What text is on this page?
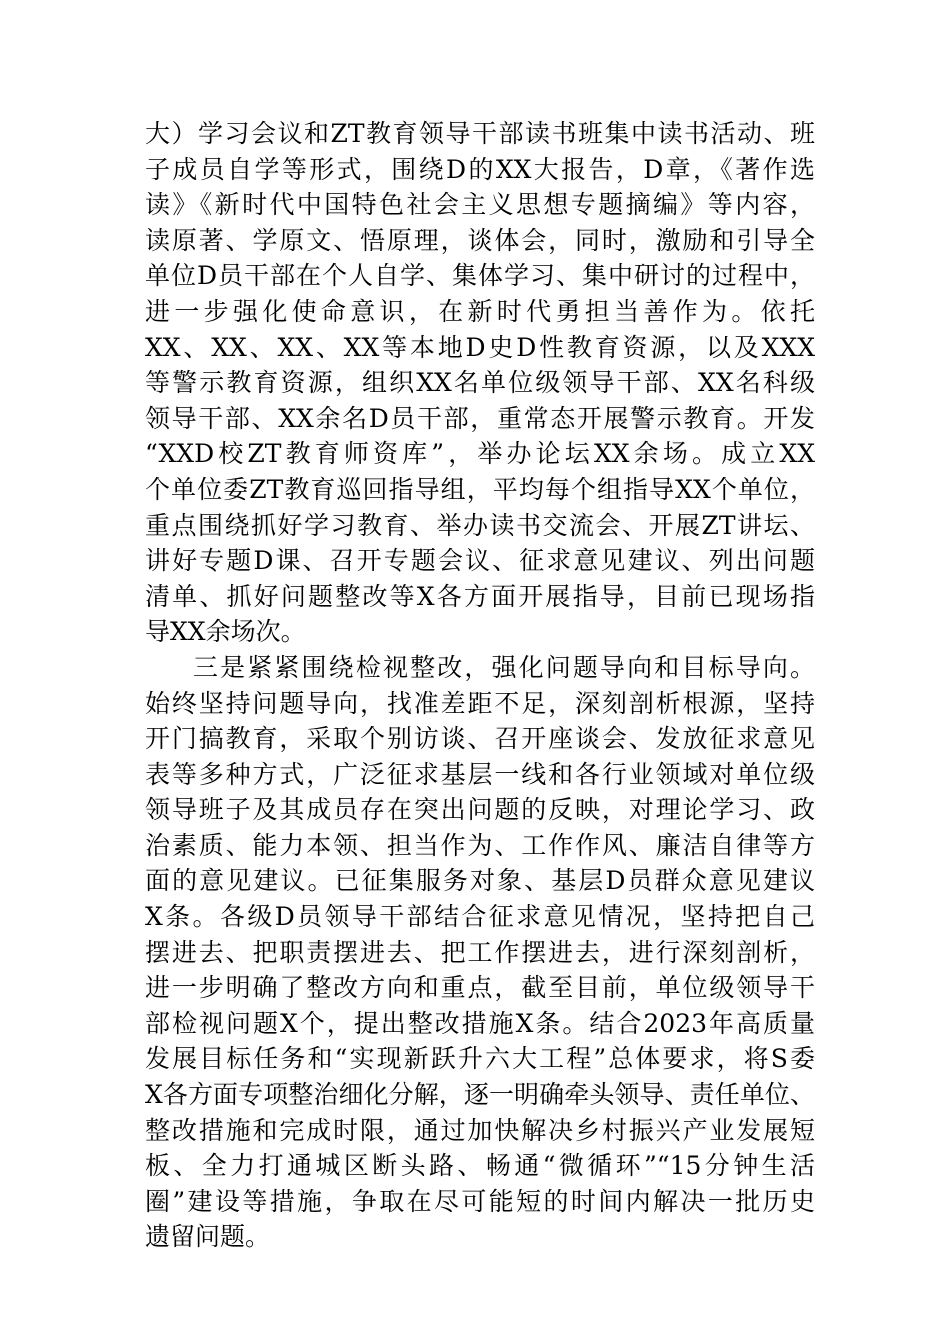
大）学习会议和ZT教育领导干部读书班集中读书活动、班
子成员自学等形式，围绕D的XX大报告，D章，《著作选
读》《新时代中国特色社会主义思想专题摘编》等内容，
读原著、学原文、悟原理，谈体会，同时，激励和引导全
单位D员干部在个人自学、集体学习、集中研讨的过程中，
进一步强化使命意识，在新时代勇担当善作为。依托
XX、XX、XX、XX等本地D史D性教育资源，以及XXX
等警示教育资源，组织XX名单位级领导干部、XX名科级
领导干部、XX余名D员干部，重常态开展警示教育。开发
“XXD校ZT教育师资库”，举办论坛XX余场。成立XX
个单位委ZT教育巡回指导组，平均每个组指导XX个单位，
重点围绕抓好学习教育、举办读书交流会、开展ZT讲坛、
讲好专题D课、召开专题会议、征求意见建议、列出问题
清单、抓好问题整改等X各方面开展指导，目前已现场指
导XX余场次。
三是紧紧围绕检视整改，强化问题导向和目标导向。
始终坚持问题导向，找准差距不足，深刻剖析根源，坚持
开门搞教育，采取个别访谈、召开座谈会、发放征求意见
表等多种方式，广泛征求基层一线和各行业领域对单位级
领导班子及其成员存在突出问题的反映，对理论学习、政
治素质、能力本领、担当作为、工作作风、廉洁自律等方
面的意见建议。已征集服务对象、基层D员群众意见建议
X条。各级D员领导干部结合征求意见情况，坚持把自己
摆进去、把职责摆进去、把工作摆进去，进行深刻剖析，
进一步明确了整改方向和重点，截至目前，单位级领导干
部检视问题X个，提出整改措施X条。结合2023年高质量
发展目标任务和“实现新跃升六大工程”总体要求，将S委
X各方面专项整治细化分解，逐一明确牵头领导、责任单位、
整改措施和完成时限，通过加快解决乡村振兴产业发展短
板、全力打通城区断头路、畅通“微循环”“15分钟生活
圈”建设等措施，争取在尽可能短的时间内解决一批历史
遗留问题。
